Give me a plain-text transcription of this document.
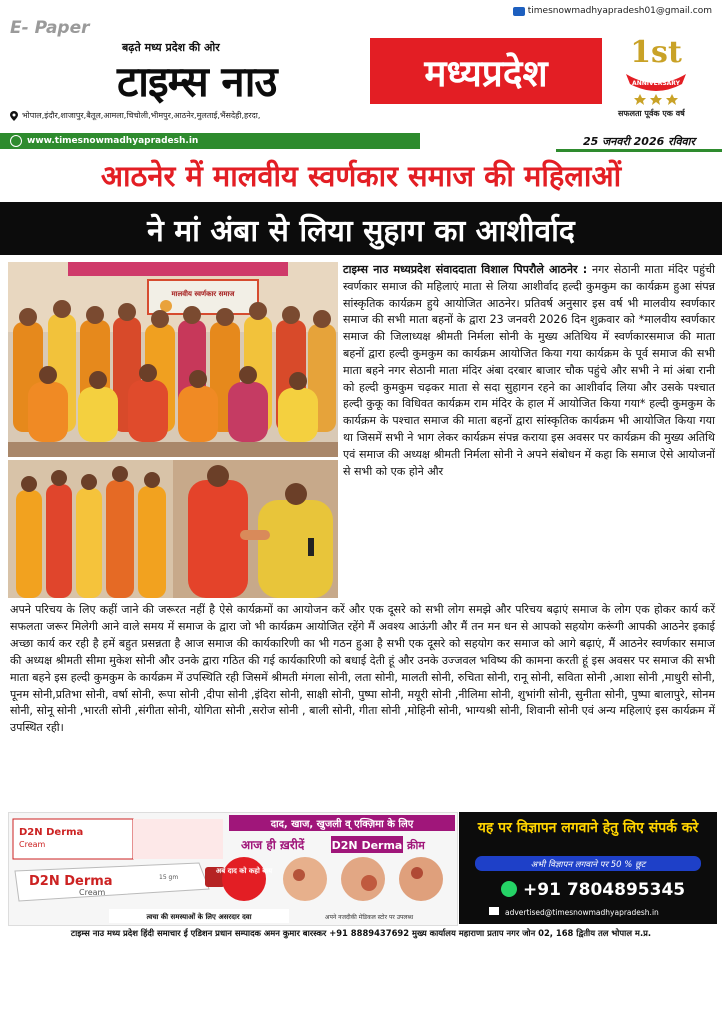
E- Paper
timesnowmadhyapradesh01@gmail.com
बढ़ते मध्य प्रदेश की ओर
टाइम्स नाउ	मध्यप्रदेश	1st
ANNIVERSARY
सफलता पूर्वक एक वर्ष
भोपाल,इंदौर,शाजापुर,बैतूल,आमला,चिचोली,भीमपुर,आठनेर,मुलताई,भैंसदेही,हरदा,
www.timesnowmadhyapradesh.in	25 जनवरी 2026 रविवार
आठनेर में मालवीय स्वर्णकार समाज की महिलाओं
ने मां अंबा से लिया सुहाग का आशीर्वाद
मालवीय स्वर्णकार समाज
टाइम्स नाउ मध्यप्रदेश संवाददाता विशाल पिपरौले आठनेर : नगर सेठानी माता मंदिर पहुंची स्वर्णकार समाज की महिलाएं माता से लिया आशीर्वाद हल्दी कुमकुम का कार्यक्रम हुआ संपन्न सांस्कृतिक कार्यक्रम हुये आयोजित आठनेर। प्रतिवर्ष अनुसार इस वर्ष भी मालवीय स्वर्णकार समाज की सभी माता बहनों के द्वारा 23 जनवरी 2026 दिन शुक्रवार को *मालवीय स्वर्णकार समाज की जिलाध्यक्ष श्रीमती निर्मला सोनी के मुख्य अतिथिय में स्वर्णकारसमाज की माता बहनों द्वारा हल्दी कुमकुम का कार्यक्रम आयोजित किया गया कार्यक्रम के पूर्व समाज की सभी माता बहने नगर सेठानी माता मंदिर अंबा दरबार बाजार चौक पहुंचे और सभी ने मां अंबा रानी को हल्दी कुमकुम चढ़कर माता से सदा सुहागन रहने का आशीर्वाद लिया और उसके पश्चात हल्दी कुकू का विधिवत कार्यक्रम राम मंदिर के हाल में आयोजित किया गया* हल्दी कुमकुम के कार्यक्रम के पश्चात समाज की माता बहनों द्वारा सांस्कृतिक कार्यक्रम भी आयोजित किया गया था जिसमें सभी ने भाग लेकर कार्यक्रम संपन्न कराया इस अवसर पर कार्यक्रम की मुख्य अतिथि एवं समाज की अध्यक्ष श्रीमती निर्मला सोनी ने अपने संबोधन में कहा कि समाज ऐसे आयोजनों से सभी को एक होने और
अपने परिचय के लिए कहीं जाने की जरूरत नहीं है ऐसे कार्यक्रमों का आयोजन करें और एक दूसरे को सभी लोग समझे और परिचय बढ़ाएं समाज के लोग एक होकर कार्य करें सफलता जरूर मिलेगी आने वाले समय में समाज के द्वारा जो भी कार्यक्रम आयोजित रहेंगे मैं अवश्य आऊंगी और मैं तन मन धन से आपको सहयोग करूंगी आपकी आठनेर इकाई अच्छा कार्य कर रही है हमें बहुत प्रसन्नता है आज समाज की कार्यकारिणी का भी गठन हुआ है सभी एक दूसरे को सहयोग कर समाज को आगे बढ़ाएं, मैं आठनेर स्वर्णकार समाज की अध्यक्ष श्रीमती सीमा मुकेश सोनी और उनके द्वारा गठित की गई कार्यकारिणी को बधाई देती हूं और उनके उज्जवल भविष्य की कामना करती हूं इस अवसर पर समाज की सभी माता बहने इस हल्दी कुमकुम के कार्यक्रम में उपस्थिति रही जिसमें श्रीमती मंगला सोनी, लता सोनी, मालती सोनी, रुचिता सोनी, रानू सोनी, सविता सोनी ,आशा सोनी ,माधुरी सोनी, पूनम सोनी,प्रतिभा सोनी, वर्षा सोनी, रूपा सोनी ,दीपा सोनी ,इंदिरा सोनी, साक्षी सोनी, पुष्पा सोनी, मयूरी सोनी ,नीलिमा सोनी, शुभांगी सोनी, सुनीता सोनी, पुष्पा बालापुरे, सोनम सोनी, सोनू सोनी ,भारती सोनी ,संगीता सोनी, योगिता सोनी ,सरोज सोनी , बाली सोनी, गीता सोनी ,मोहिनी सोनी, भाग्यश्री सोनी, शिवानी सोनी एवं अन्य महिलाएं इस कार्यक्रम में उपस्थित रही।
D2N Derma
Cream
D2N Derma
Cream
15 gm
दाद, खाज, खुजली व् एक्ज़िमा के लिए
आज ही ख़रीदें D2N Derma क्रीम
अब दाद को कहो बाय
त्वचा की समस्याओं के लिए असरदार दवा	अपने नजदीकी मेडिकल स्टोर पर उपलब्ध
यह पर विज्ञापन लगवाने हेतु लिए संपर्क करे
अभी विज्ञापन लगवाने पर 50 % छूट
+91 7804895345
advertised@timesnowmadhyapradesh.in
टाइम्स नाउ मध्य प्रदेश हिंदी समाचार ई एडिशन प्रधान सम्पादक अमन कुमार बारस्कर +91 8889437692 मुख्य कार्यालय महाराणा प्रताप नगर जोन 02, 168 द्वितीय तल भोपाल म.प्र.
